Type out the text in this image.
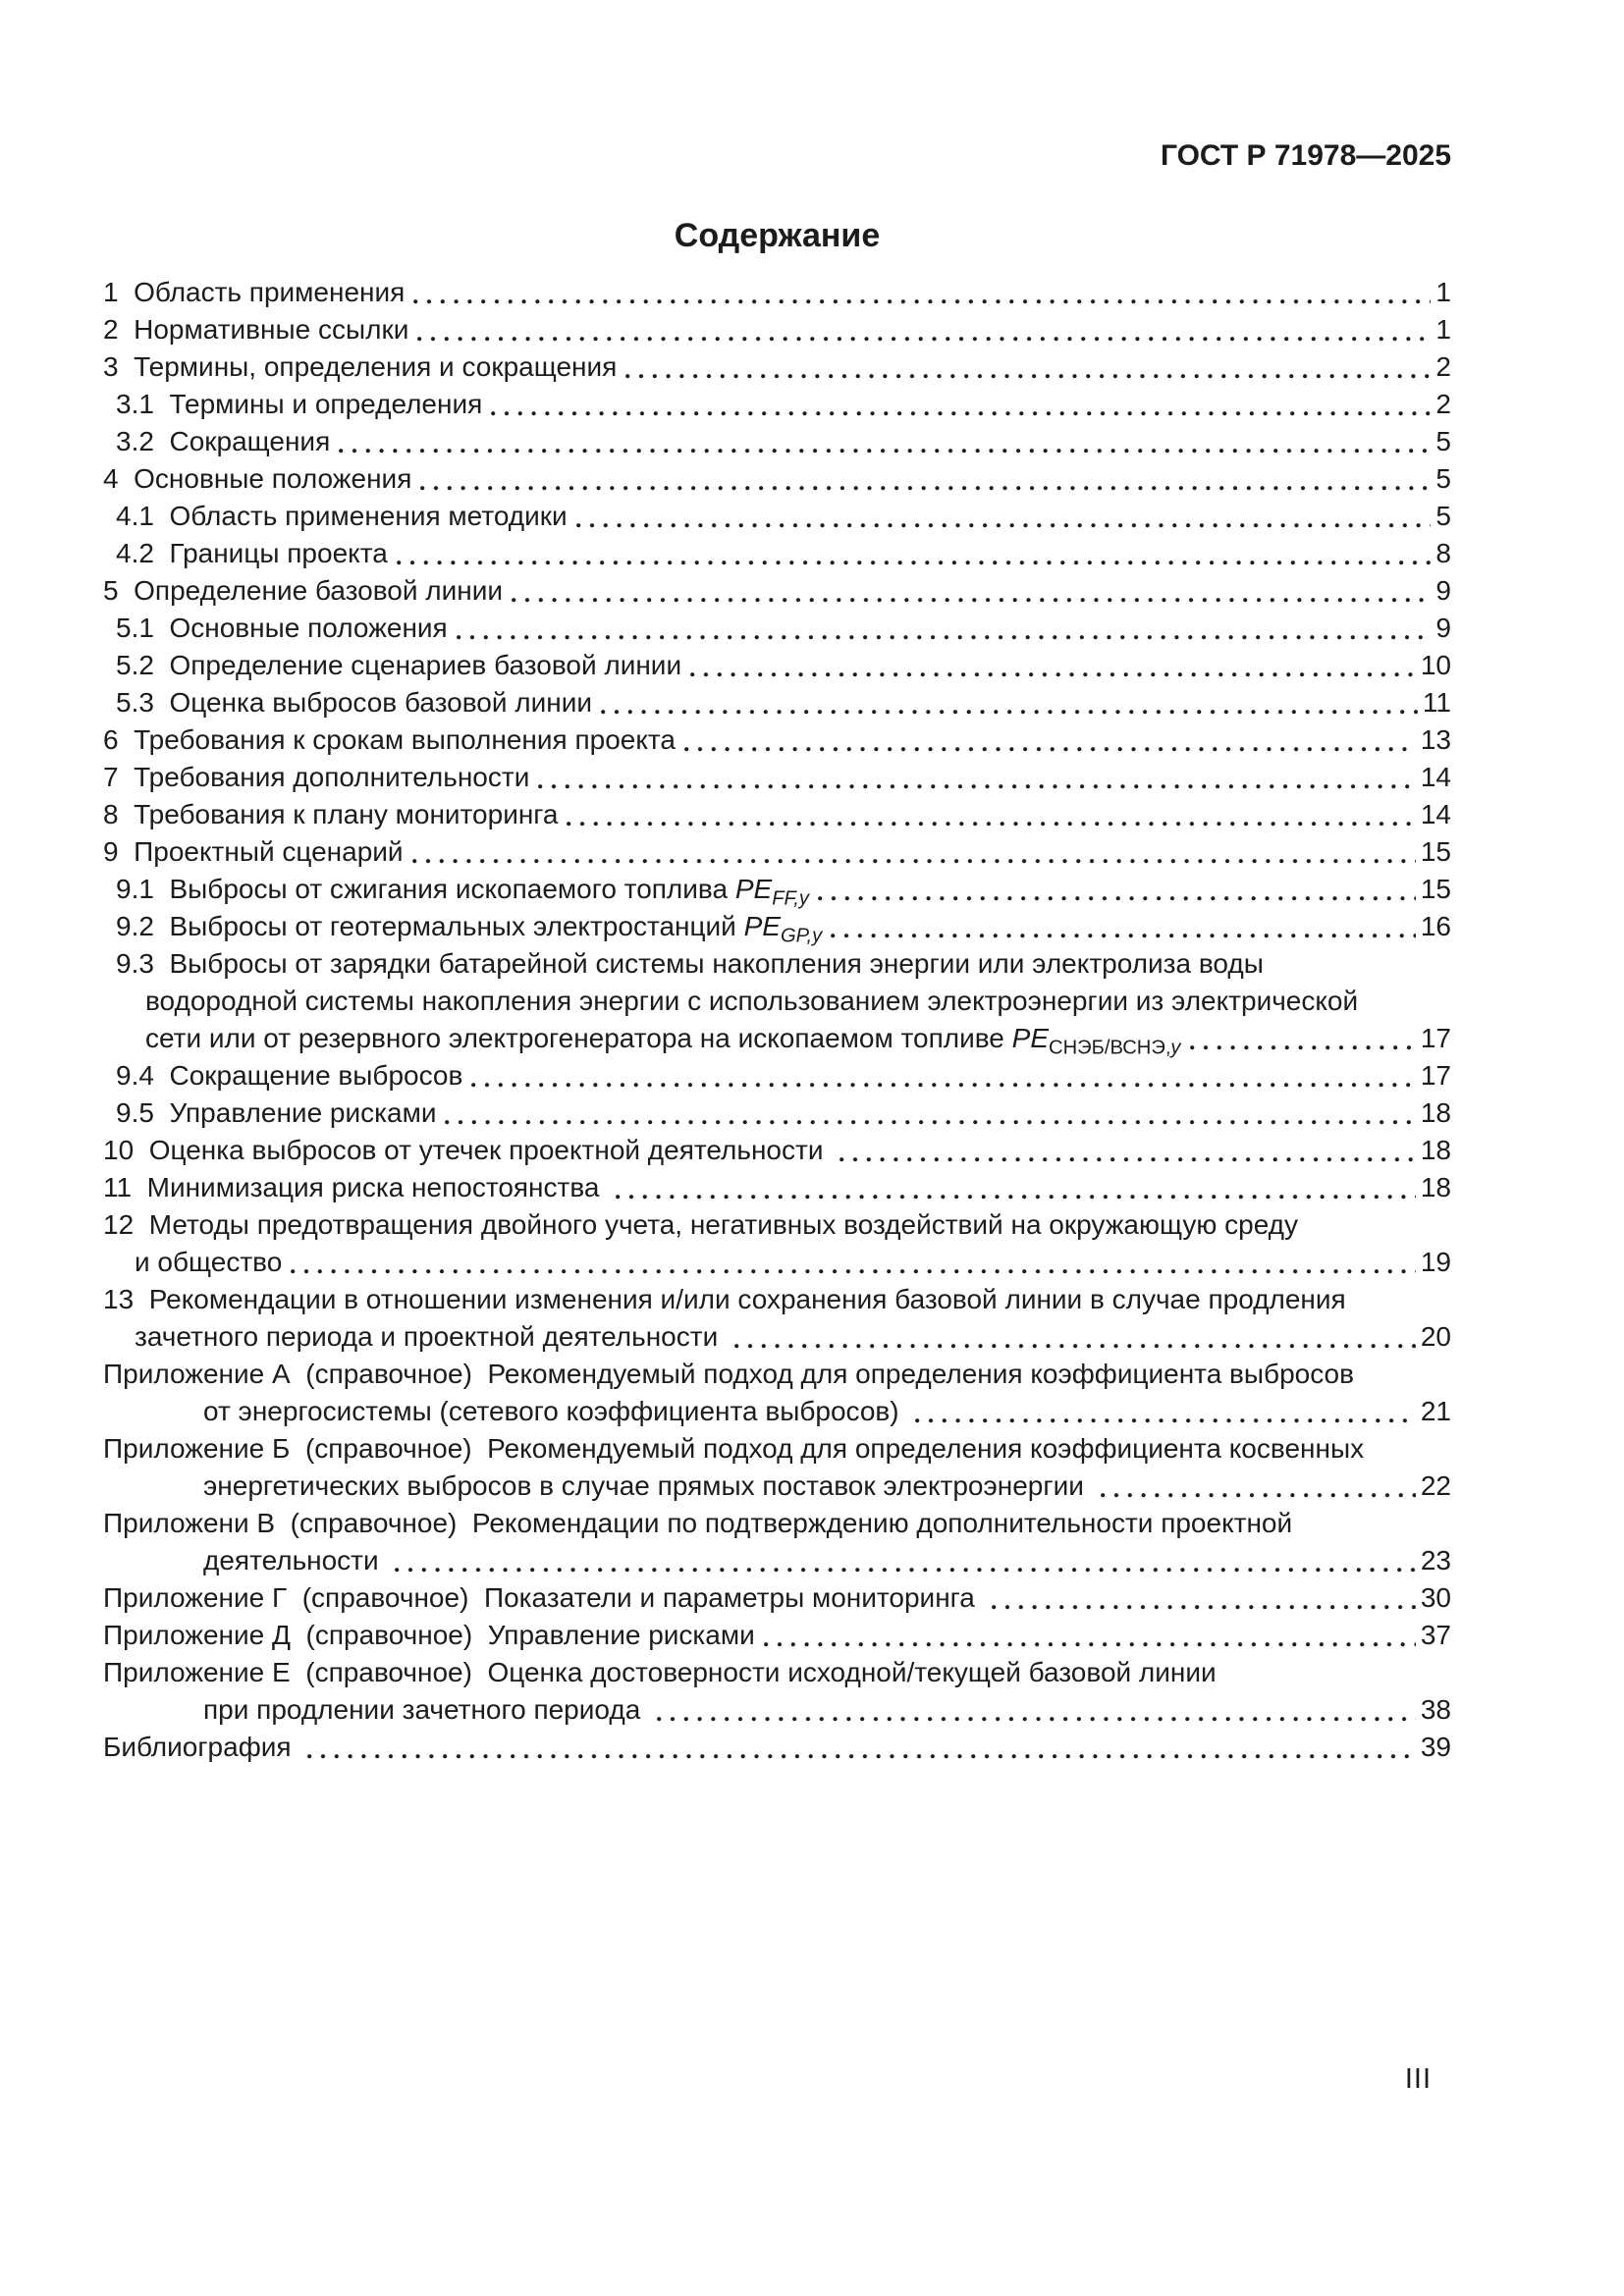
ГОСТ Р 71978—2025
Содержание
1  Область применения	1
2  Нормативные ссылки	1
3  Термины, определения и сокращения	2
3.1  Термины и определения	2
3.2  Сокращения	5
4  Основные положения	5
4.1  Область применения методики	5
4.2  Границы проекта	8
5  Определение базовой линии	9
5.1  Основные положения	9
5.2  Определение сценариев базовой линии	10
5.3  Оценка выбросов базовой линии	11
6  Требования к срокам выполнения проекта	13
7  Требования дополнительности	14
8  Требования к плану мониторинга	14
9  Проектный сценарий	15
9.1  Выбросы от сжигания ископаемого топлива $PE_{FF,y}$	15
9.2  Выбросы от геотермальных электростанций $PE_{GP,y}$	16
9.3  Выбросы от зарядки батарейной системы накопления энергии или электролиза воды
водородной системы накопления энергии с использованием электроэнергии из электрической
сети или от резервного электрогенератора на ископаемом топливе $PE_{СНЭБ/ВСНЭ,y}$	17
9.4  Сокращение выбросов	17
9.5  Управление рисками	18
10  Оценка выбросов от утечек проектной деятельности	18
11  Минимизация риска непостоянства	18
12  Методы предотвращения двойного учета, негативных воздействий на окружающую среду
и общество	19
13  Рекомендации в отношении изменения и/или сохранения базовой линии в случае продления
зачетного периода и проектной деятельности	20
Приложение А  (справочное)  Рекомендуемый подход для определения коэффициента выбросов
от энергосистемы (сетевого коэффициента выбросов)	21
Приложение Б  (справочное)  Рекомендуемый подход для определения коэффициента косвенных
энергетических выбросов в случае прямых поставок электроэнергии	22
Приложени В  (справочное)  Рекомендации по подтверждению дополнительности проектной
деятельности	23
Приложение Г  (справочное)  Показатели и параметры мониторинга	30
Приложение Д  (справочное)  Управление рисками	37
Приложение Е  (справочное)  Оценка достоверности исходной/текущей базовой линии
при продлении зачетного периода	38
Библиография	39
III
